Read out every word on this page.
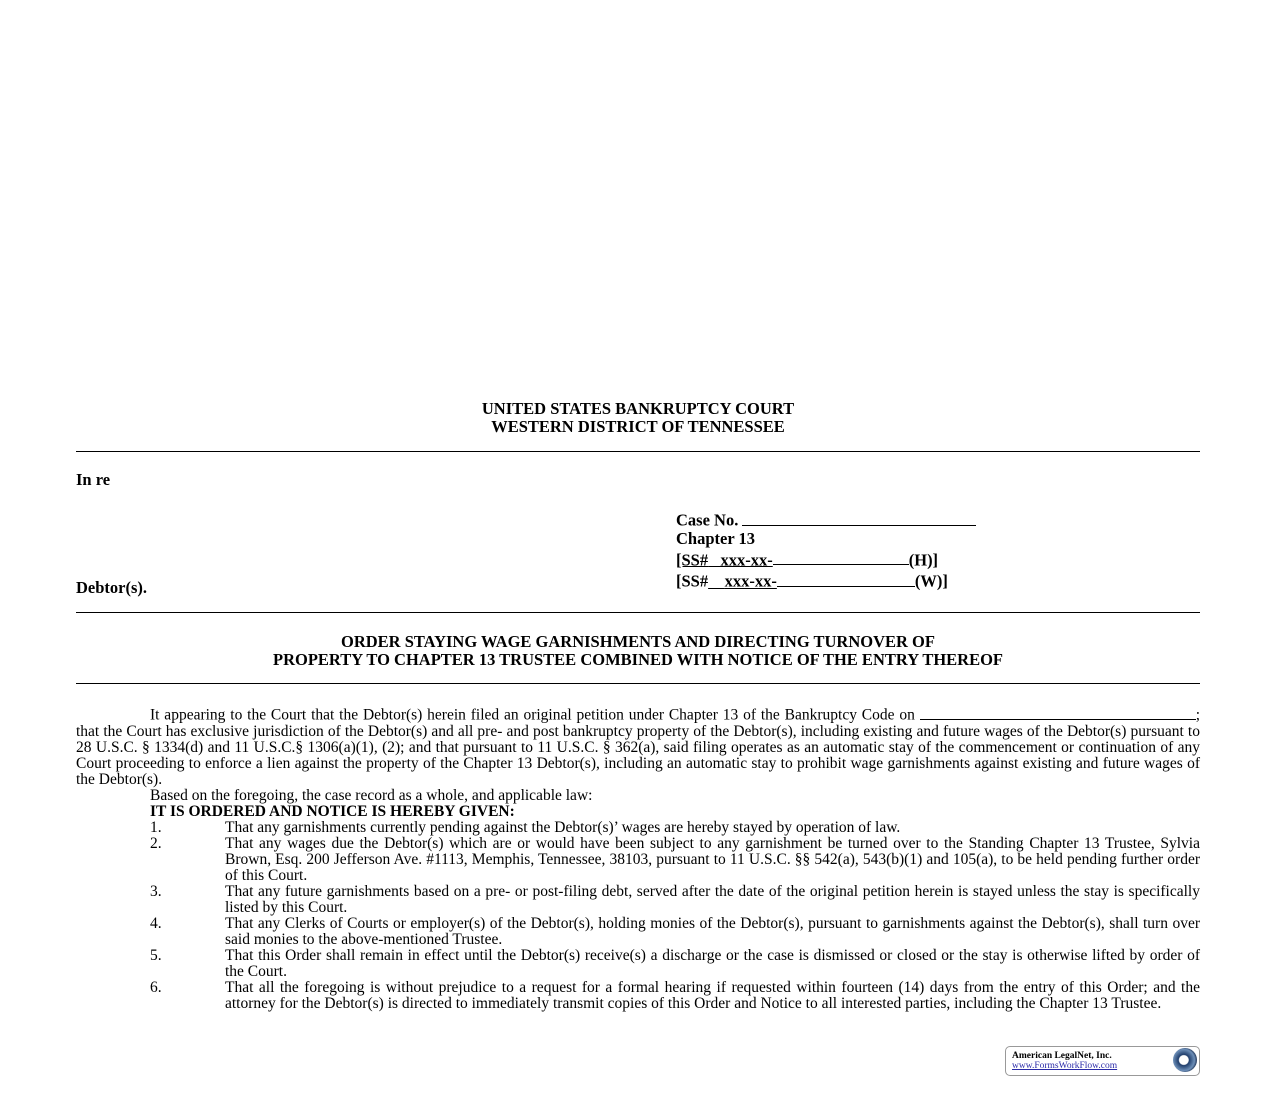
UNITED STATES BANKRUPTCY COURT
WESTERN DISTRICT OF TENNESSEE
In re
Case No.
Chapter 13
[SS# xxx-xx-	(H)]
[SS# xxx-xx-	(W)]
Debtor(s).
ORDER STAYING WAGE GARNISHMENTS AND DIRECTING TURNOVER OF
PROPERTY TO CHAPTER 13 TRUSTEE COMBINED WITH NOTICE OF THE ENTRY THEREOF

It appearing to the Court that the Debtor(s) herein filed an original petition under Chapter 13 of the Bankruptcy Code on	; that the Court has exclusive jurisdiction of the Debtor(s) and all pre- and post bankruptcy property of the Debtor(s), including existing and future wages of the Debtor(s) pursuant to 28 U.S.C. § 1334(d) and 11 U.S.C.§ 1306(a)(1), (2); and that pursuant to 11 U.S.C. § 362(a), said filing operates as an automatic stay of the commencement or continuation of any Court proceeding to enforce a lien against the property of the Chapter 13 Debtor(s), including an automatic stay to prohibit wage garnishments against existing and future wages of the Debtor(s).

Based on the foregoing, the case record as a whole, and applicable law:

IT IS ORDERED AND NOTICE IS HEREBY GIVEN:

1.	That any garnishments currently pending against the Debtor(s)’ wages are hereby stayed by operation of law.
2.	That any wages due the Debtor(s) which are or would have been subject to any garnishment be turned over to the Standing Chapter 13 Trustee, Sylvia Brown, Esq. 200 Jefferson Ave. #1113, Memphis, Tennessee, 38103, pursuant to 11 U.S.C. §§ 542(a), 543(b)(1) and 105(a), to be held pending further order of this Court.
3.	That any future garnishments based on a pre- or post-filing debt, served after the date of the original petition herein is stayed unless the stay is specifically listed by this Court.
4.	That any Clerks of Courts or employer(s) of the Debtor(s), holding monies of the Debtor(s), pursuant to garnishments against the Debtor(s), shall turn over said monies to the above-mentioned Trustee.
5.	That this Order shall remain in effect until the Debtor(s) receive(s) a discharge or the case is dismissed or closed or the stay is otherwise lifted by order of the Court.
6.	That all the foregoing is without prejudice to a request for a formal hearing if requested within fourteen (14) days from the entry of this Order; and the attorney for the Debtor(s) is directed to immediately transmit copies of this Order and Notice to all interested parties, including the Chapter 13 Trustee.
American LegalNet, Inc.
www.FormsWorkFlow.com
